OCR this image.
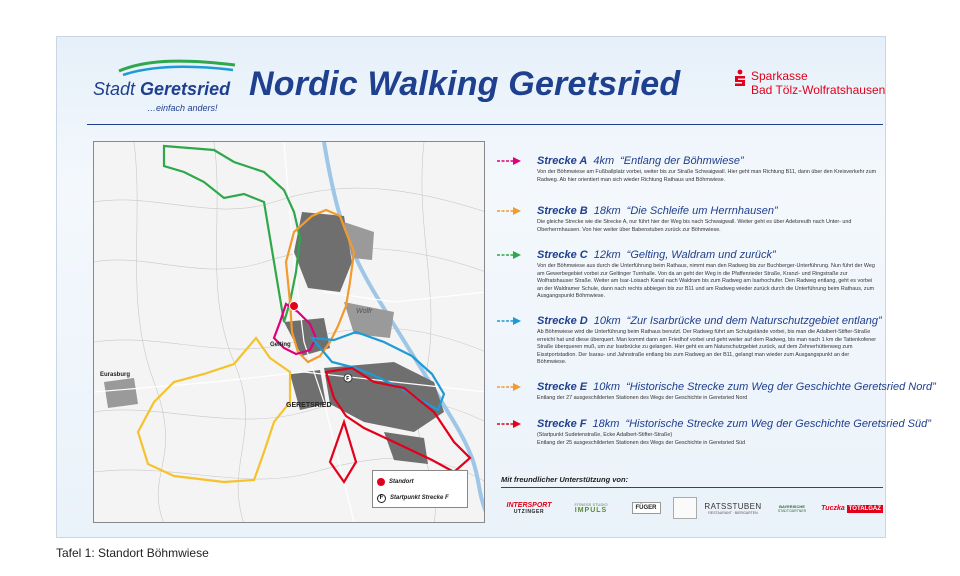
Stadt Geretsried
…einfach anders!
Nordic Walking Geretsried	Sparkasse
Bad Tölz-Wolfratshausen
F
Gelting
Eurasburg
GERETSRIED
Wolfr
Standort
F	Startpunkt Strecke F
Strecke A 4km “Entlang der Böhmwiese”
Von der Böhmwiese am Fußballplatz vorbei, weiter bis zur Straße Schwaigwall. Hier geht man Richtung B11, dann über den Kreisverkehr zum Radweg. Ab hier orientiert man sich wieder Richtung Rathaus und Böhmwiese.
Strecke B 18km “Die Schleife um Herrnhausen”
Die gleiche Strecke wie die Strecke A, nur führt hier der Weg bis nach Schwaigwall. Weiter geht es über Adelsreuth nach Unter- und Oberherrnhausen. Von hier weiter über Babenstuben zurück zur Böhmwiese.
Strecke C 12km “Gelting, Waldram und zurück”
Von der Böhmwiese aus durch die Unterführung beim Rathaus, nimmt man den Radweg bis zur Buchberger-Unterführung. Nun führt der Weg am Gewerbegebiet vorbei zur Geltinger Turnhalle. Von da an geht der Weg in die Pfaffenrieder Straße, Kranzl- und Ringstraße zur Wolfratshauser Straße. Weiter am Isar-Loisach Kanal nach Waldram bis zum Radweg am Isarhochufer. Den Radweg entlang, geht es vorbei an der Waldramer Schule, dann nach rechts abbiegen bis zur B11 und am Radweg wieder zurück durch die Unterführung beim Rathaus, zum Ausgangspunkt Böhmwiese.
Strecke D 10km “Zur Isarbrücke und dem Naturschutzgebiet entlang”
Ab Böhmwiese wird die Unterführung beim Rathaus benutzt. Der Radweg führt am Schulgelände vorbei, bis man die Adalbert-Stifter-Straße erreicht hat und diese überquert. Man kommt dann am Friedhof vorbei und geht weiter auf dem Radweg, bis man nach 1 km die Tattenkofener Straße überqueren muß, um zur Isarbrücke zu gelangen. Hier geht es am Naturschutzgebiet zurück, auf dem Zehnerhüttenweg zum Eisstportstadion. Der Isarau- und Jahnstraße entlang bis zum Radweg an der B11, gelangt man wieder zum Ausgangspunkt an der Böhmwiese.
Strecke E 10km “Historische Strecke zum Weg der Geschichte Geretsried Nord”
Entlang der 27 ausgeschilderten Stationen des Wegs der Geschichte in Geretsried Nord
Strecke F 18km “Historische Strecke zum Weg der Geschichte Geretsried Süd”
(Startpunkt Sudetenstraße, Ecke Adalbert-Stifter-Straße)
Entlang der 25 ausgeschilderten Stationen des Wegs der Geschichte in Geretsried Süd
Mit freundlicher Unterstützung von:
INTERSPORT
UTZINGER
FITNESS STUDIO
IMPULS	FÜGER	RATSSTUBEN
RESTAURANT · BIERGARTEN
BAYERISCHE
STADTGÄRTNER Tuczka TOTALGAZ
Tafel 1: Standort Böhmwiese
